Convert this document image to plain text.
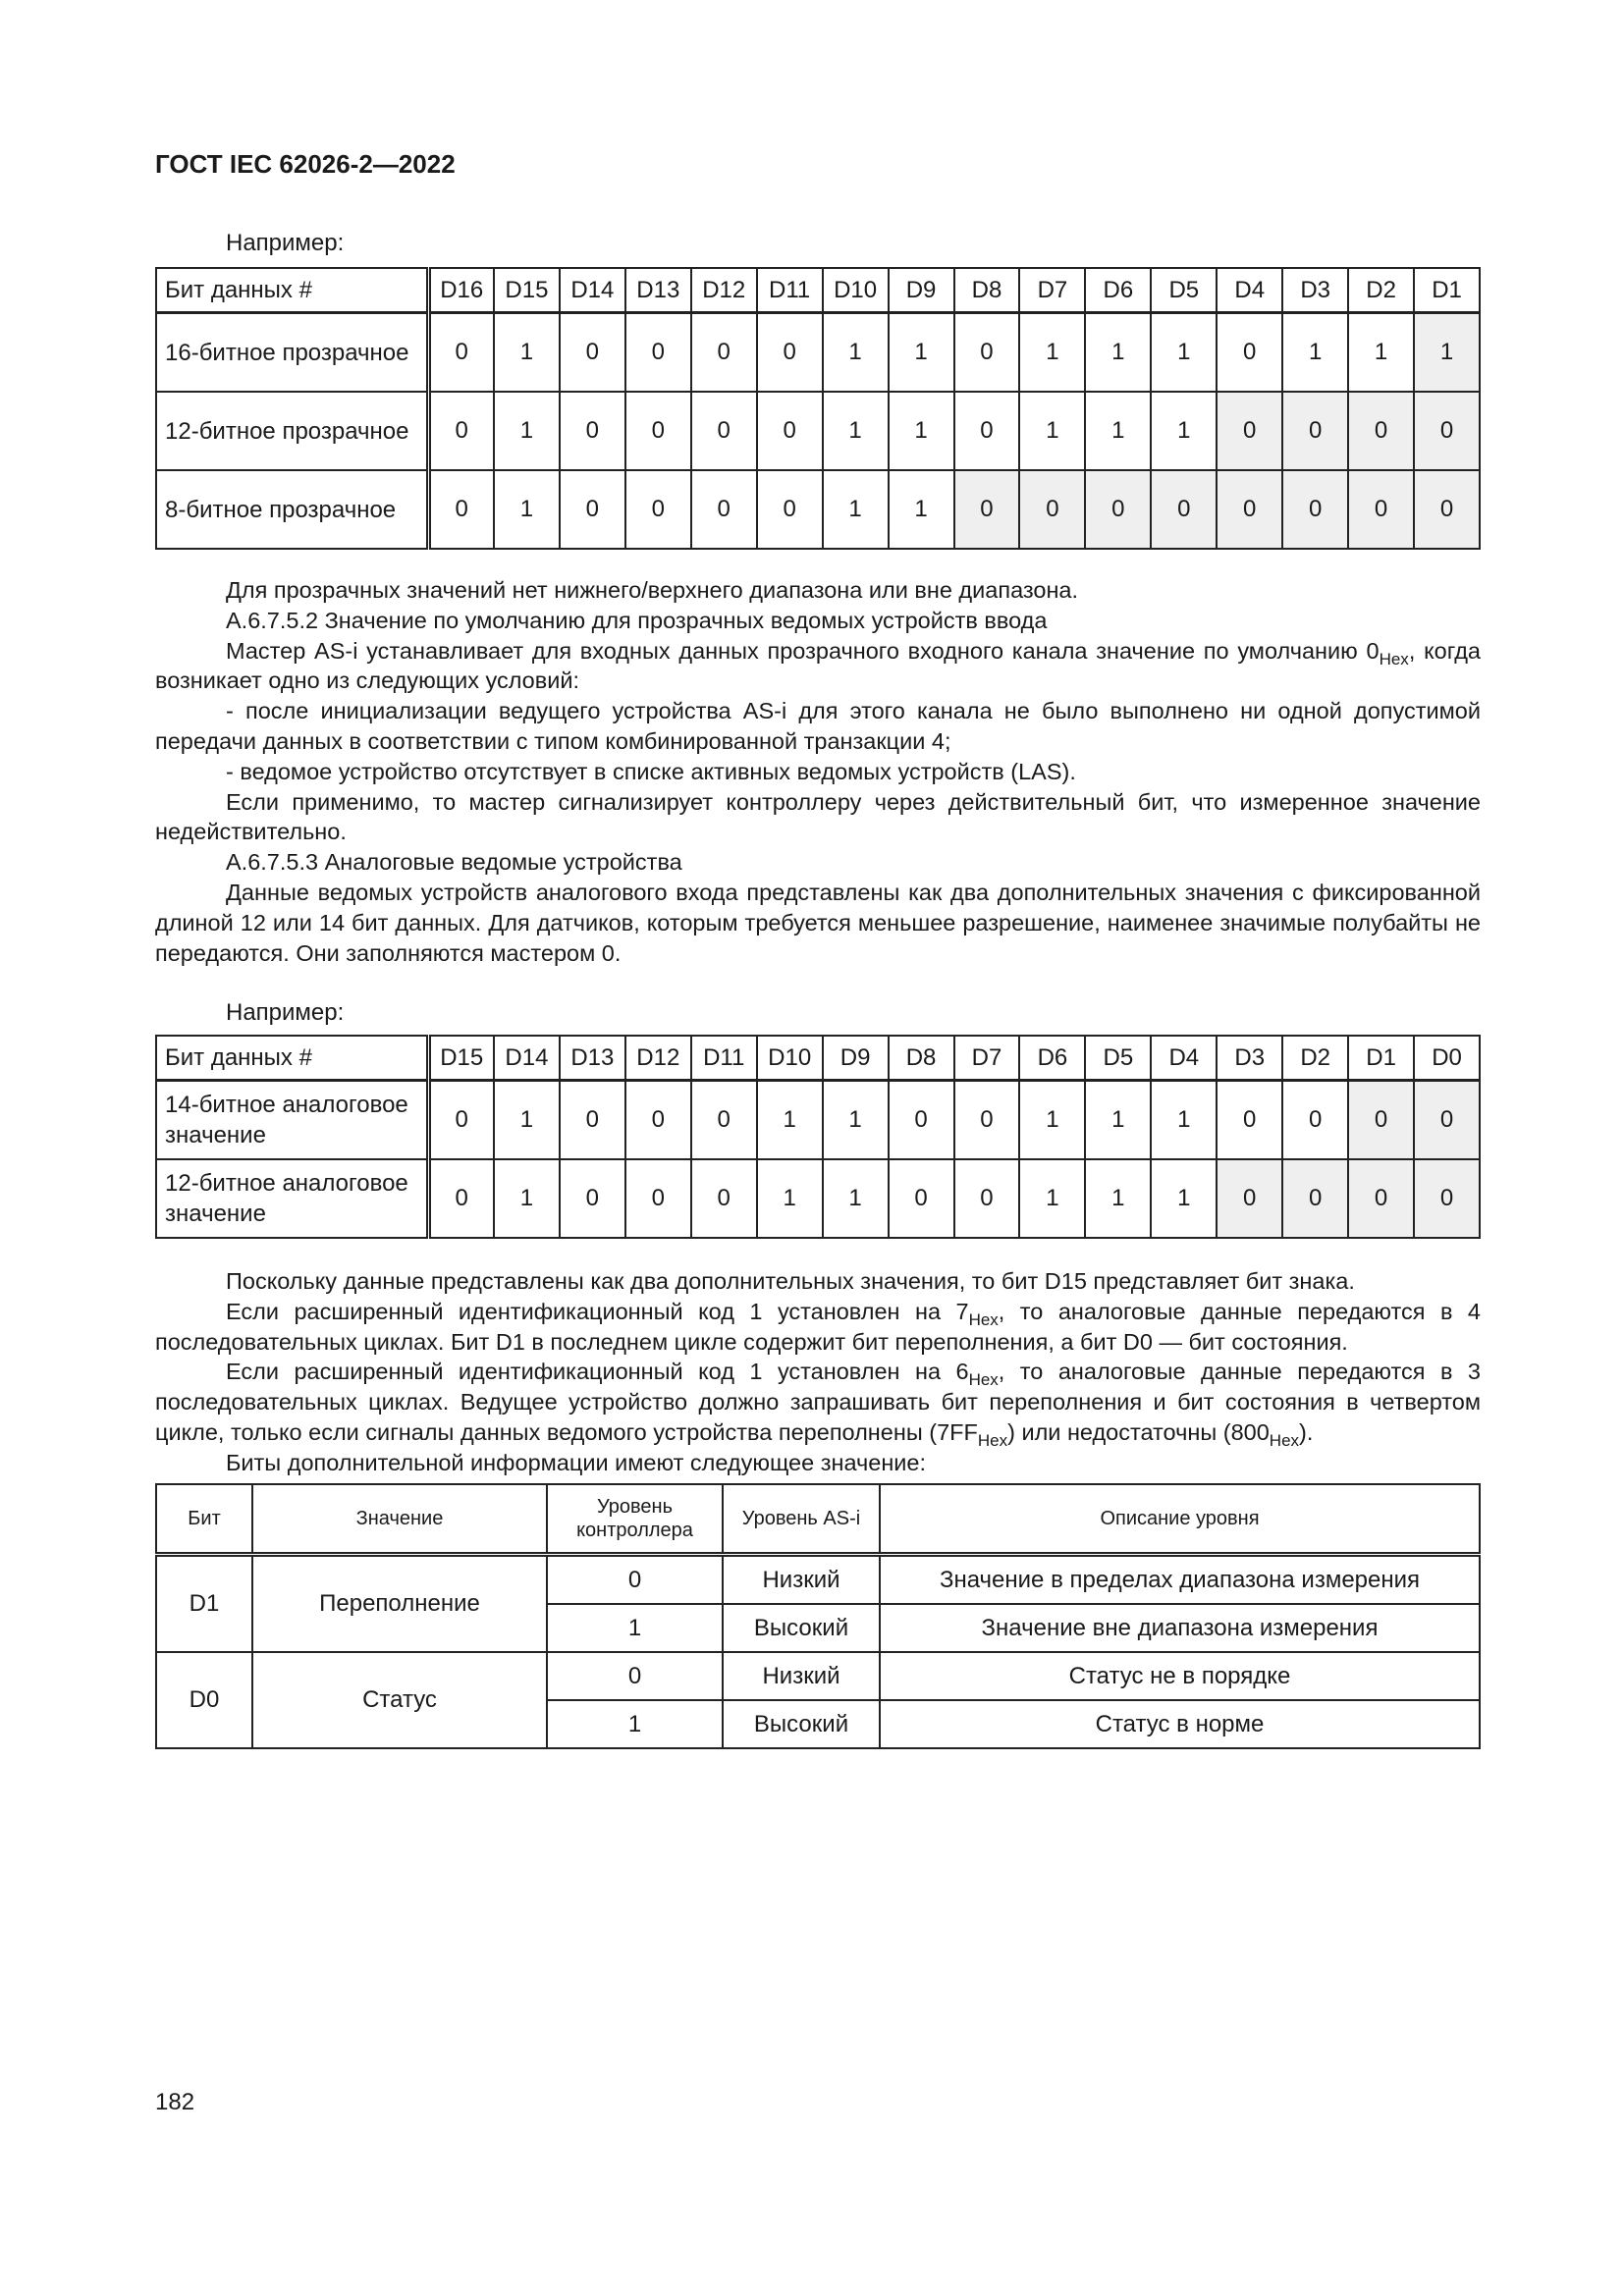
ГОСТ IEC 62026-2—2022
Например:
Бит данных #	D16	D15	D14	D13	D12	D11	D10	D9	D8	D7	D6	D5	D4	D3	D2	D1
16-битное прозрачное	0	1	0	0	0	0	1	1	0	1	1	1	0	1	1	1
12-битное прозрачное	0	1	0	0	0	0	1	1	0	1	1	1	0	0	0	0
8-битное прозрачное	0	1	0	0	0	0	1	1	0	0	0	0	0	0	0	0

Для прозрачных значений нет нижнего/верхнего диапазона или вне диапазона.

А.6.7.5.2 Значение по умолчанию для прозрачных ведомых устройств ввода

Мастер AS-i устанавливает для входных данных прозрачного входного канала значение по умолчанию $0_{Hex}$, когда возникает одно из следующих условий:

- после инициализации ведущего устройства AS-i для этого канала не было выполнено ни одной допустимой передачи данных в соответствии с типом комбинированной транзакции 4;

- ведомое устройство отсутствует в списке активных ведомых устройств (LAS).

Если применимо, то мастер сигнализирует контроллеру через действительный бит, что измеренное значение недействительно.

А.6.7.5.3 Аналоговые ведомые устройства

Данные ведомых устройств аналогового входа представлены как два дополнительных значения с фиксированной длиной 12 или 14 бит данных. Для датчиков, которым требуется меньшее разрешение, наименее значимые полубайты не передаются. Они заполняются мастером 0.

Например:
Бит данных #	D15	D14	D13	D12	D11	D10	D9	D8	D7	D6	D5	D4	D3	D2	D1	D0
14-битное аналоговое значение	0	1	0	0	0	1	1	0	0	1	1	1	0	0	0	0
12-битное аналоговое значение	0	1	0	0	0	1	1	0	0	1	1	1	0	0	0	0

Поскольку данные представлены как два дополнительных значения, то бит D15 представляет бит знака.

Если расширенный идентификационный код 1 установлен на $7_{Hex}$, то аналоговые данные передаются в 4 последовательных циклах. Бит D1 в последнем цикле содержит бит переполнения, а бит D0 — бит состояния.

Если расширенный идентификационный код 1 установлен на $6_{Hex}$, то аналоговые данные передаются в 3 последовательных циклах. Ведущее устройство должно запрашивать бит переполнения и бит состояния в четвертом цикле, только если сигналы данных ведомого устройства переполнены $(7FF_{Hex})$ или недостаточны $(800_{Hex})$.

Биты дополнительной информации имеют следующее значение:

Бит	Значение	Уровень контроллера	Уровень AS-i	Описание уровня
D1	Переполнение	0	Низкий	Значение в пределах диапазона измерения
		1	Высокий	Значение вне диапазона измерения
D0	Статус	0	Низкий	Статус не в порядке
		1	Высокий	Статус в норме
182
